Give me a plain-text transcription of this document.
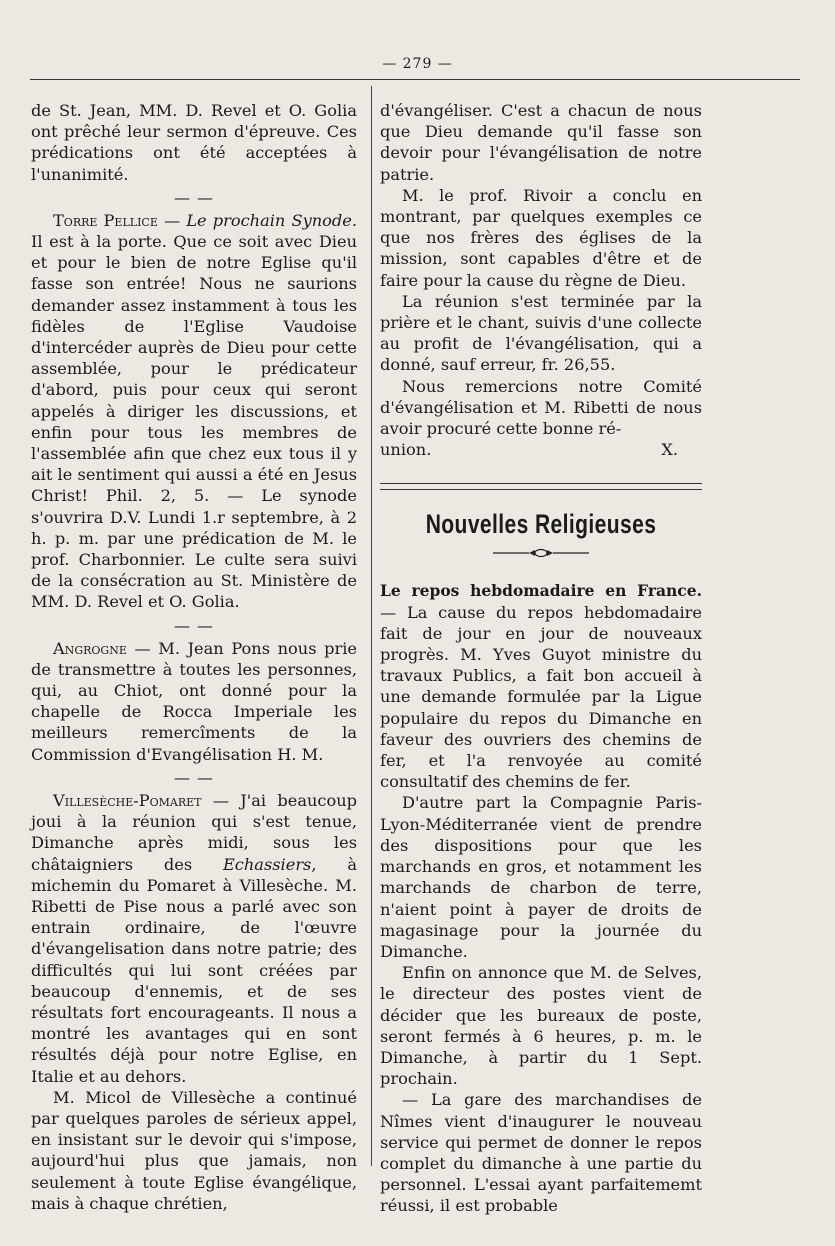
— 279 —

de St. Jean, MM. D. Revel et O. Golia ont prêché leur sermon d'épreuve. Ces prédications ont été acceptées à l'unanimité.

— —

Torre Pellice — Le prochain Synode. Il est à la porte. Que ce soit avec Dieu et pour le bien de notre Eglise qu'il fasse son entrée! Nous ne saurions demander assez instamment à tous les fidèles de l'Eglise Vaudoise d'intercéder auprès de Dieu pour cette assemblée, pour le prédicateur d'abord, puis pour ceux qui seront appelés à diriger les discussions, et enfin pour tous les membres de l'assemblée afin que chez eux tous il y ait le sentiment qui aussi a été en Jesus Christ! Phil. 2, 5. — Le synode s'ouvrira D.V. Lundi 1.r septembre, à 2 h. p. m. par une prédication de M. le prof. Charbonnier. Le culte sera suivi de la consécration au St. Ministère de MM. D. Revel et O. Golia.

— —

Angrogne — M. Jean Pons nous prie de transmettre à toutes les personnes, qui, au Chiot, ont donné pour la chapelle de Rocca Imperiale les meilleurs remercîments de la Commission d'Evangélisation H. M.

— —

Villesèche-Pomaret — J'ai beaucoup joui à la réunion qui s'est tenue, Dimanche après midi, sous les châtaigniers des Echassiers, à michemin du Pomaret à Villesèche. M. Ribetti de Pise nous a parlé avec son entrain ordinaire, de l'œuvre d'évangelisation dans notre patrie; des difficultés qui lui sont créées par beaucoup d'ennemis, et de ses résultats fort encourageants. Il nous a montré les avantages qui en sont résultés déjà pour notre Eglise, en Italie et au dehors.

M. Micol de Villesèche a continué par quelques paroles de sérieux appel, en insistant sur le devoir qui s'impose, aujourd'hui plus que jamais, non seulement à toute Eglise évangélique, mais à chaque chrétien,

d'évangéliser. C'est a chacun de nous que Dieu demande qu'il fasse son devoir pour l'évangélisation de notre patrie.

M. le prof. Rivoir a conclu en montrant, par quelques exemples ce que nos frères des églises de la mission, sont capables d'être et de faire pour la cause du règne de Dieu.

La réunion s'est terminée par la prière et le chant, suivis d'une collecte au profit de l'évangélisation, qui a donné, sauf erreur, fr. 26,55.

Nous remercions notre Comité d'évangélisation et M. Ribetti de nous avoir procuré cette bonne ré-

union.	X.
Nouvelles Religieuses

Le repos hebdomadaire en France. — La cause du repos hebdomadaire fait de jour en jour de nouveaux progrès. M. Yves Guyot ministre du travaux Publics, a fait bon accueil à une demande formulée par la Ligue populaire du repos du Dimanche en faveur des ouvriers des chemins de fer, et l'a renvoyée au comité consultatif des chemins de fer.

D'autre part la Compagnie Paris-Lyon-Méditerranée vient de prendre des dispositions pour que les marchands en gros, et notamment les marchands de charbon de terre, n'aient point à payer de droits de magasinage pour la journée du Dimanche.

Enfin on annonce que M. de Selves, le directeur des postes vient de décider que les bureaux de poste, seront fermés à 6 heures, p. m. le Dimanche, à partir du 1 Sept. prochain.

— La gare des marchandises de Nîmes vient d'inaugurer le nouveau service qui permet de donner le repos complet du dimanche à une partie du personnel. L'essai ayant parfaitememt réussi, il est probable
